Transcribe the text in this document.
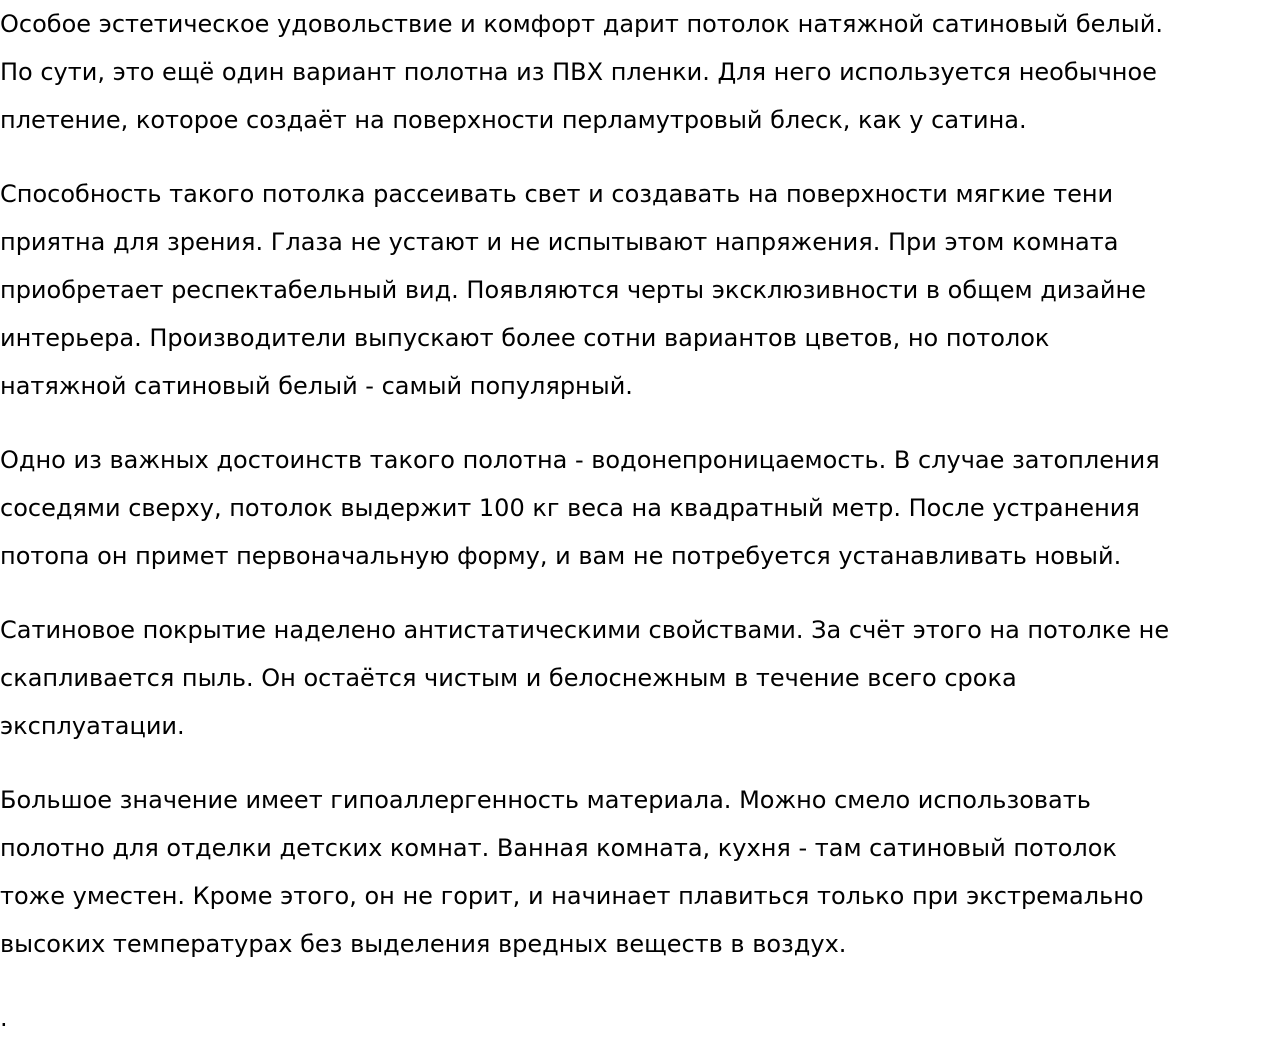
Особое эстетическое удовольствие и комфорт дарит потолок натяжной сатиновый белый.
По сути, это ещё один вариант полотна из ПВХ пленки. Для него используется необычное
плетение, которое создаёт на поверхности перламутровый блеск, как у сатина.

Способность такого потолка рассеивать свет и создавать на поверхности мягкие тени
приятна для зрения. Глаза не устают и не испытывают напряжения. При этом комната
приобретает респектабельный вид. Появляются черты эксклюзивности в общем дизайне
интерьера. Производители выпускают более сотни вариантов цветов, но потолок
натяжной сатиновый белый - самый популярный.

Одно из важных достоинств такого полотна - водонепроницаемость. В случае затопления
соседями сверху, потолок выдержит 100 кг веса на квадратный метр. После устранения
потопа он примет первоначальную форму, и вам не потребуется устанавливать новый.

Сатиновое покрытие наделено антистатическими свойствами. За счёт этого на потолке не
скапливается пыль. Он остаётся чистым и белоснежным в течение всего срока
эксплуатации.

Большое значение имеет гипоаллергенность материала. Можно смело использовать
полотно для отделки детских комнат. Ванная комната, кухня - там сатиновый потолок
тоже уместен. Кроме этого, он не горит, и начинает плавиться только при экстремально
высоких температурах без выделения вредных веществ в воздух.

.
